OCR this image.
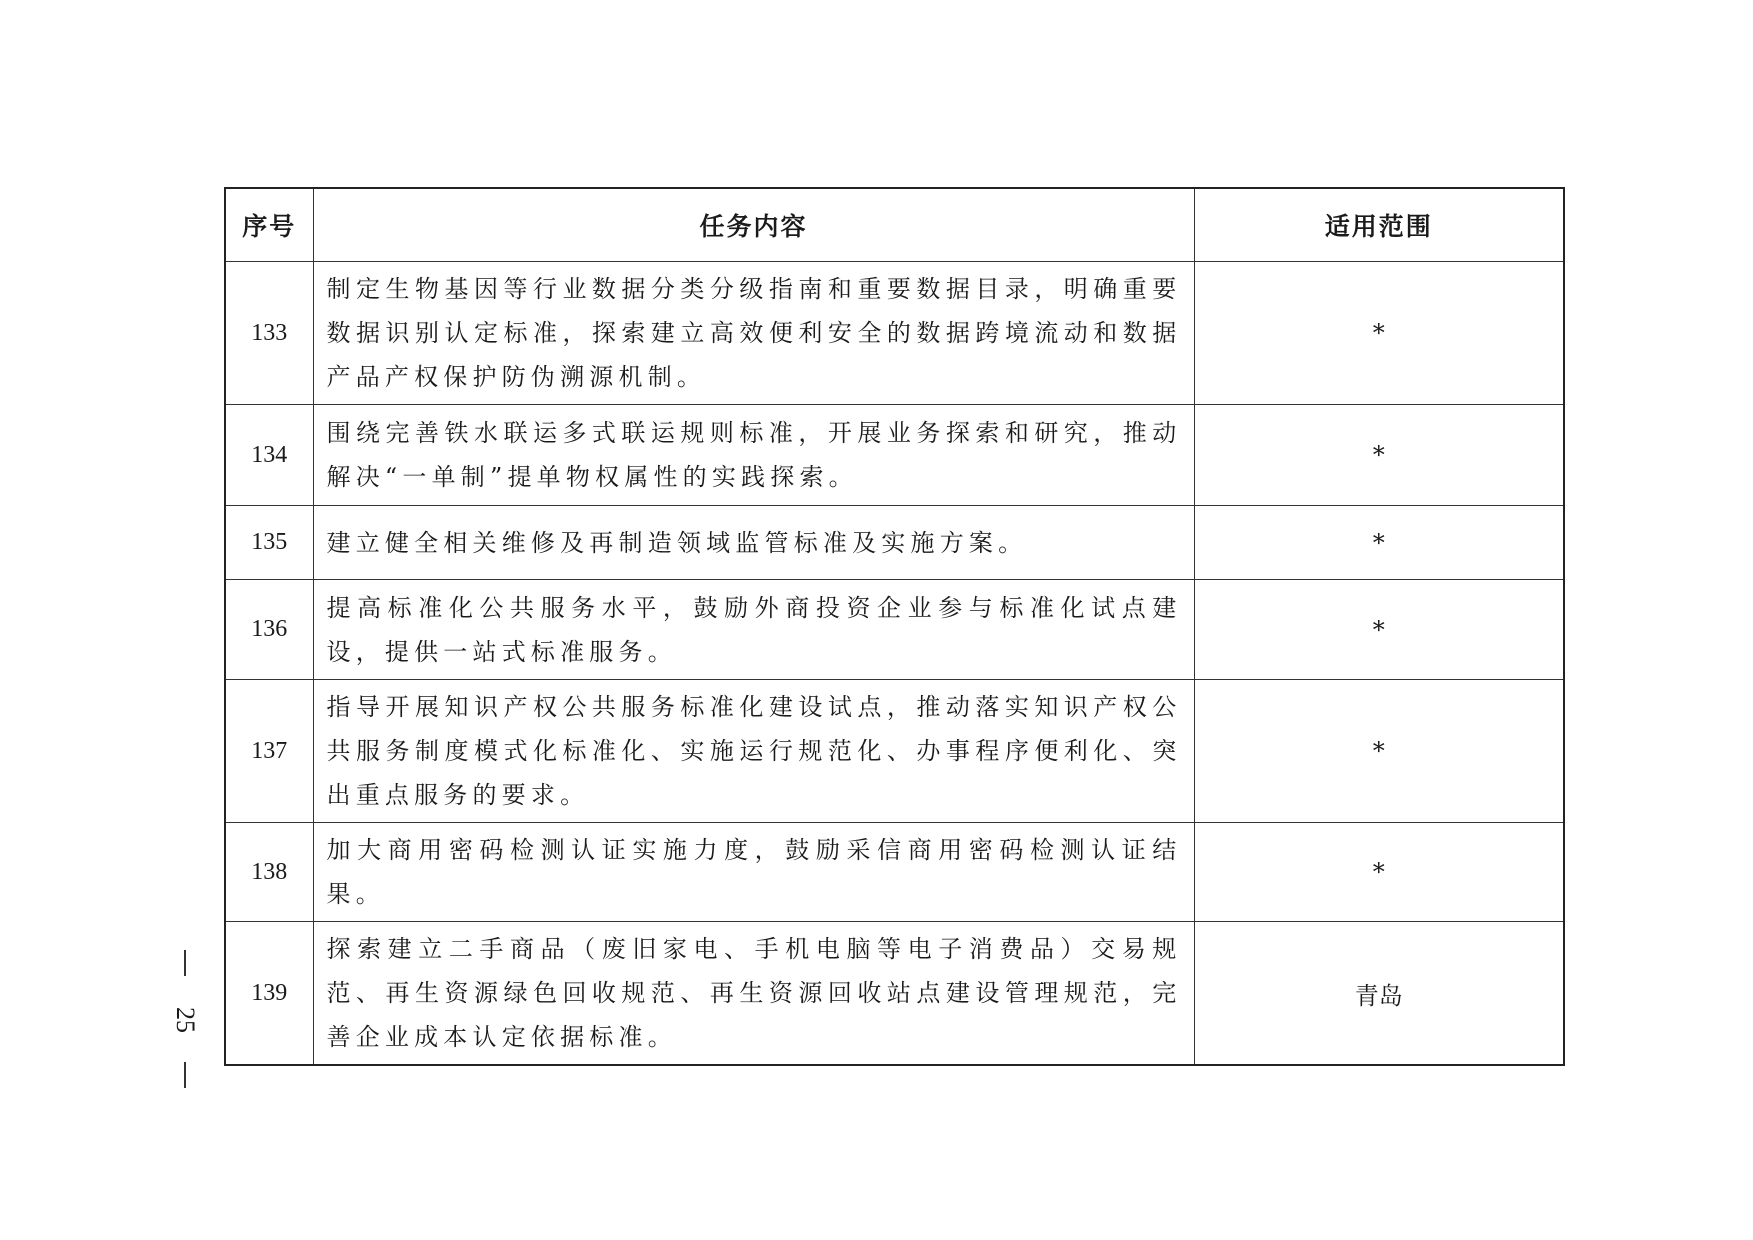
序号	任务内容	适用范围
133	制定生物基因等行业数据分类分级指南和重要数据目录，明确重要数据识别认定标准，探索建立高效便利安全的数据跨境流动和数据产品产权保护防伪溯源机制。	*
134	围绕完善铁水联运多式联运规则标准，开展业务探索和研究，推动解决“一单制”提单物权属性的实践探索。	*
135	建立健全相关维修及再制造领域监管标准及实施方案。	*
136	提高标准化公共服务水平，鼓励外商投资企业参与标准化试点建设，提供一站式标准服务。	*
137	指导开展知识产权公共服务标准化建设试点，推动落实知识产权公共服务制度模式化标准化、实施运行规范化、办事程序便利化、突出重点服务的要求。	*
138	加大商用密码检测认证实施力度，鼓励采信商用密码检测认证结果。	*
139	探索建立二手商品（废旧家电、手机电脑等电子消费品）交易规范、再生资源绿色回收规范、再生资源回收站点建设管理规范，完善企业成本认定依据标准。	青岛
25
